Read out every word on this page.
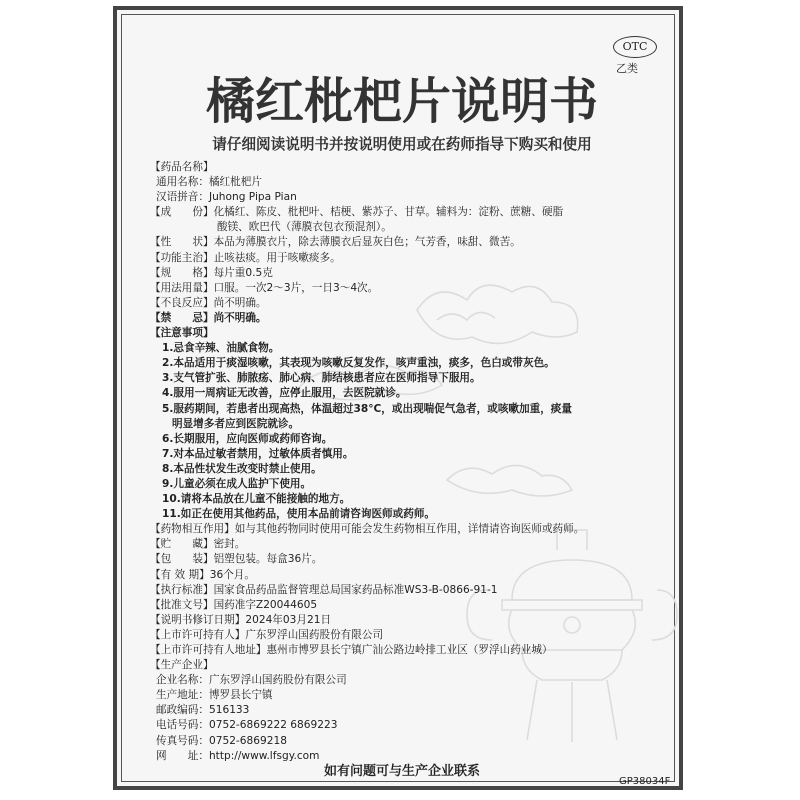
OTC
乙类
橘红枇杷片说明书
请仔细阅读说明书并按说明使用或在药师指导下购买和使用
【药品名称】
通用名称：橘红枇杷片
汉语拼音：Juhong Pipa Pian
【成　　份】化橘红、陈皮、枇杷叶、桔梗、紫苏子、甘草。辅料为：淀粉、蔗糖、硬脂
酸镁、欧巴代（薄膜衣包衣预混剂）。
【性　　状】本品为薄膜衣片，除去薄膜衣后显灰白色；气芳香，味甜、微苦。
【功能主治】止咳祛痰。用于咳嗽痰多。
【规　　格】每片重0.5克
【用法用量】口服。一次2～3片，一日3～4次。
【不良反应】尚不明确。
【禁　　忌】尚不明确。
【注意事项】
1.忌食辛辣、油腻食物。
2.本品适用于痰湿咳嗽，其表现为咳嗽反复发作，咳声重浊，痰多，色白或带灰色。
3.支气管扩张、肺脓疡、肺心病、肺结核患者应在医师指导下服用。
4.服用一周病证无改善，应停止服用，去医院就诊。
5.服药期间，若患者出现高热，体温超过38°C，或出现喘促气急者，或咳嗽加重，痰量
明显增多者应到医院就诊。
6.长期服用，应向医师或药师咨询。
7.对本品过敏者禁用，过敏体质者慎用。
8.本品性状发生改变时禁止使用。
9.儿童必须在成人监护下使用。
10.请将本品放在儿童不能接触的地方。
11.如正在使用其他药品，使用本品前请咨询医师或药师。
【药物相互作用】如与其他药物同时使用可能会发生药物相互作用，详情请咨询医师或药师。
【贮　　藏】密封。
【包　　装】铝塑包装。每盒36片。
【有 效 期】36个月。
【执行标准】国家食品药品监督管理总局国家药品标准WS3-B-0866-91-1
【批准文号】国药准字Z20044605
【说明书修订日期】2024年03月21日
【上市许可持有人】广东罗浮山国药股份有限公司
【上市许可持有人地址】惠州市博罗县长宁镇广汕公路边岭排工业区（罗浮山药业城）
【生产企业】
企业名称：广东罗浮山国药股份有限公司
生产地址：博罗县长宁镇
邮政编码：516133
电话号码：0752-6869222 6869223
传真号码：0752-6869218
网　　址：http://www.lfsgy.com
如有问题可与生产企业联系
GP38034F
